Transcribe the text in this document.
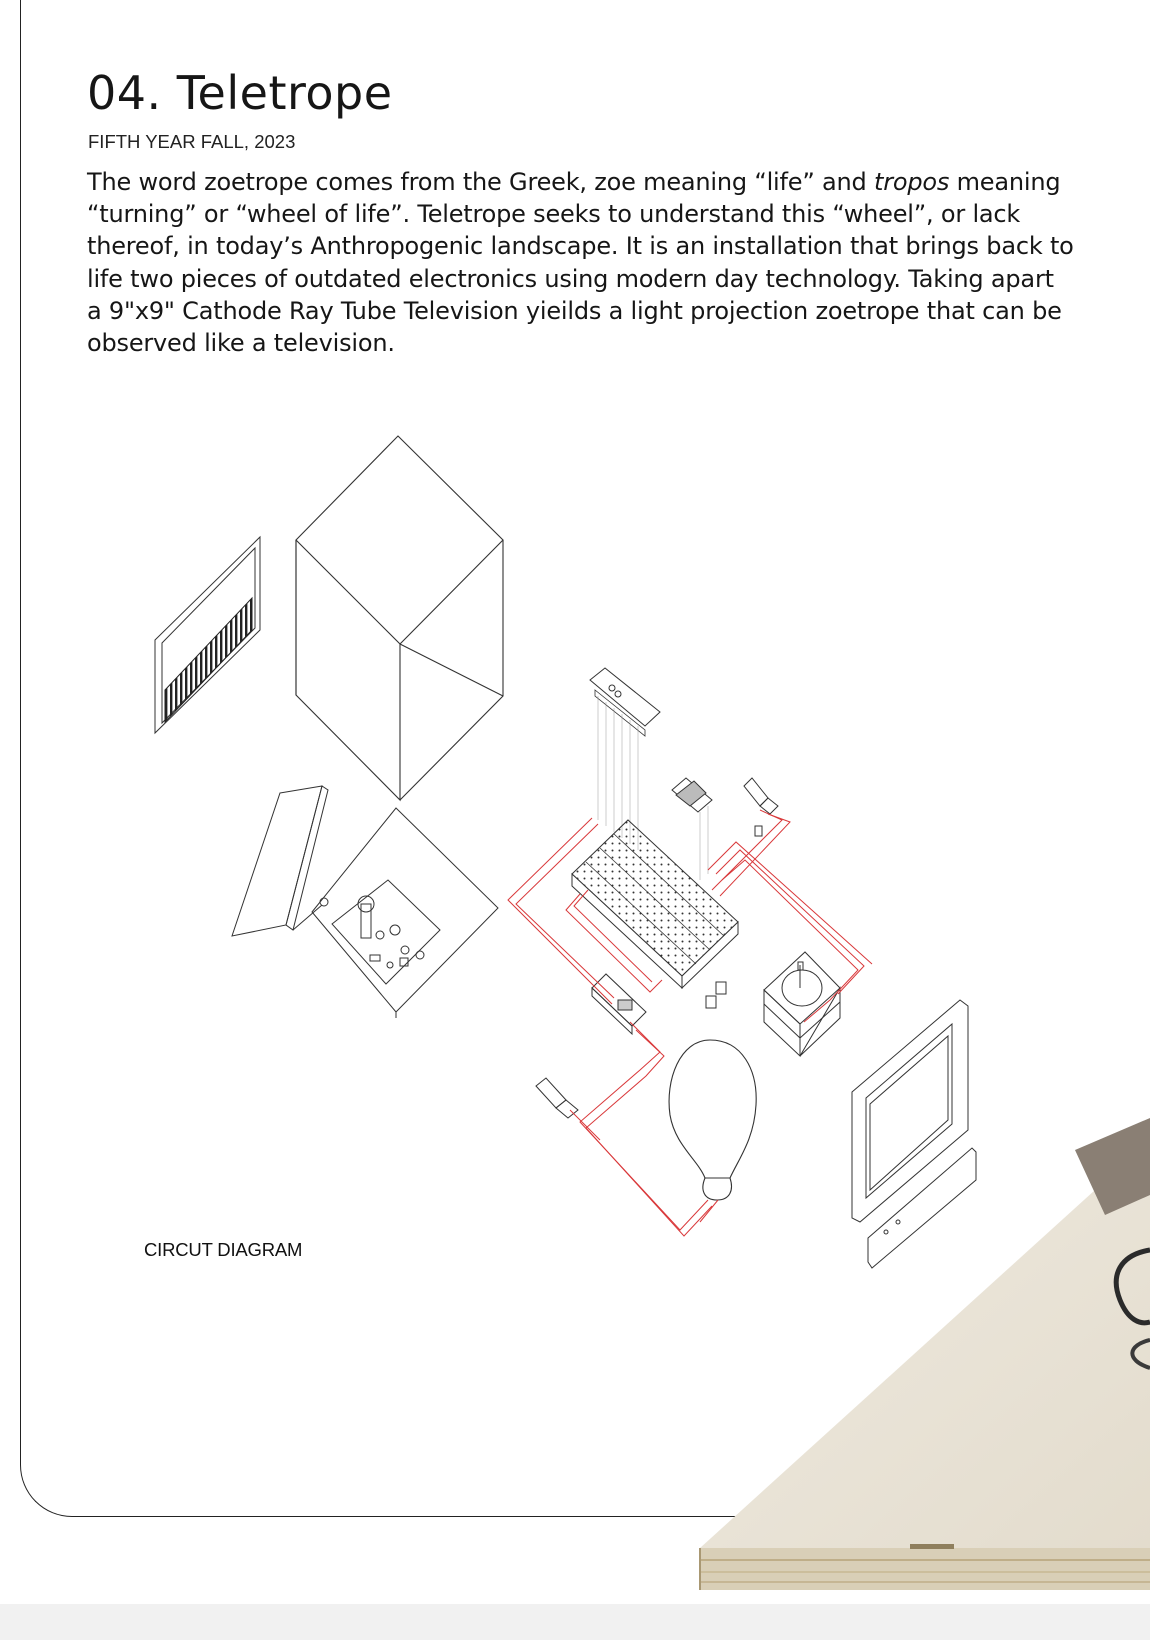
04. Teletrope
FIFTH YEAR FALL, 2023
The word zoetrope comes from the Greek, zoe meaning “life” and tropos meaning
“turning” or “wheel of life”. Teletrope seeks to understand this “wheel”, or lack
thereof, in today’s Anthropogenic landscape. It is an installation that brings back to
life two pieces of outdated electronics using modern day technology. Taking apart
a 9"x9" Cathode Ray Tube Television yieilds a light projection zoetrope that can be
observed like a television.
CIRCUT DIAGRAM
